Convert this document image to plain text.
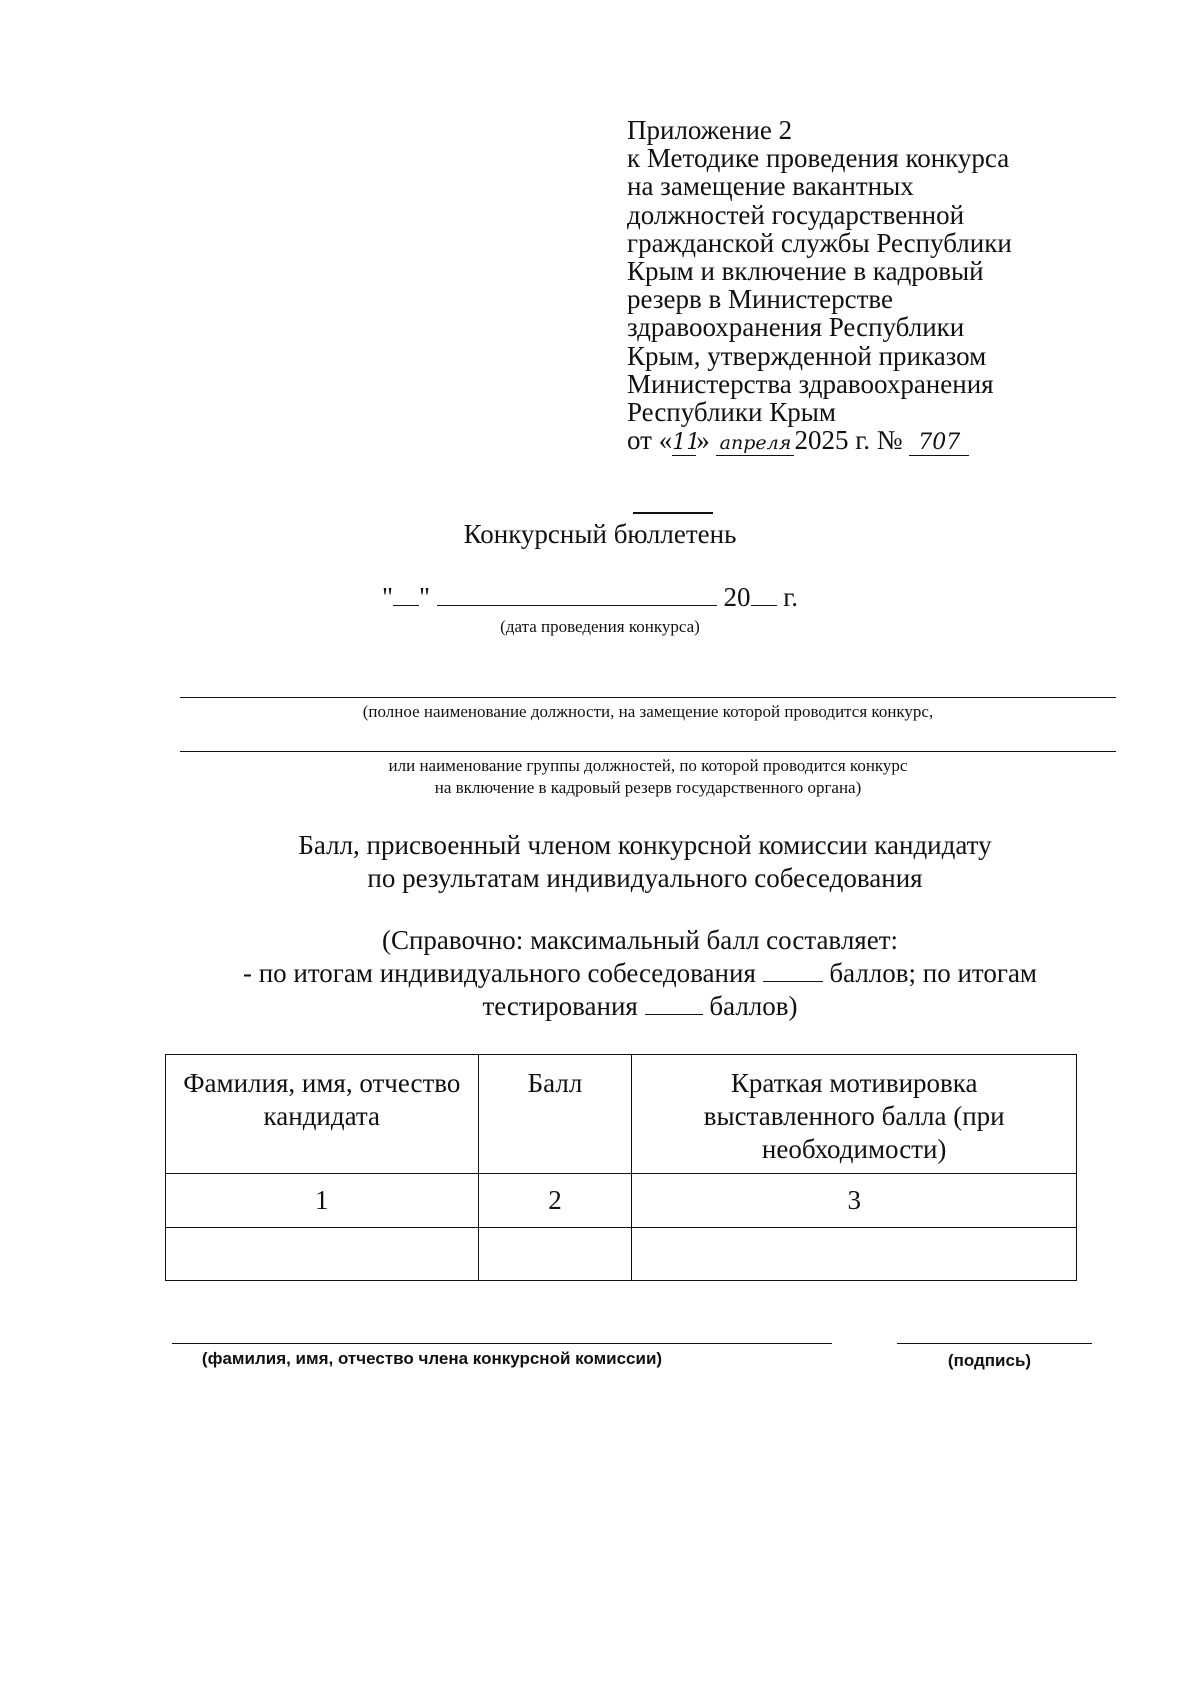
Приложение 2
к Методике проведения конкурса
на замещение вакантных
должностей государственной
гражданской службы Республики
Крым и включение в кадровый
резерв в Министерстве
здравоохранения Республики
Крым, утвержденной приказом
Министерства здравоохранения
Республики Крым
от «11» апреля 2025 г. № 707
Конкурсный бюллетень
" "	20 г.
(дата проведения конкурса)
(полное наименование должности, на замещение которой проводится конкурс,
или наименование группы должностей, по которой проводится конкурс
на включение в кадровый резерв государственного органа)
Балл, присвоенный членом конкурсной комиссии кандидату
по результатам индивидуального собеседования
(Справочно: максимальный балл составляет:
- по итогам индивидуального собеседования	баллов; по итогам
тестирования	баллов)
Фамилия, имя, отчество кандидата	Балл	Краткая мотивировка выставленного балла (при необходимости)
1	2	3

(фамилия, имя, отчество члена конкурсной комиссии)	(подпись)
